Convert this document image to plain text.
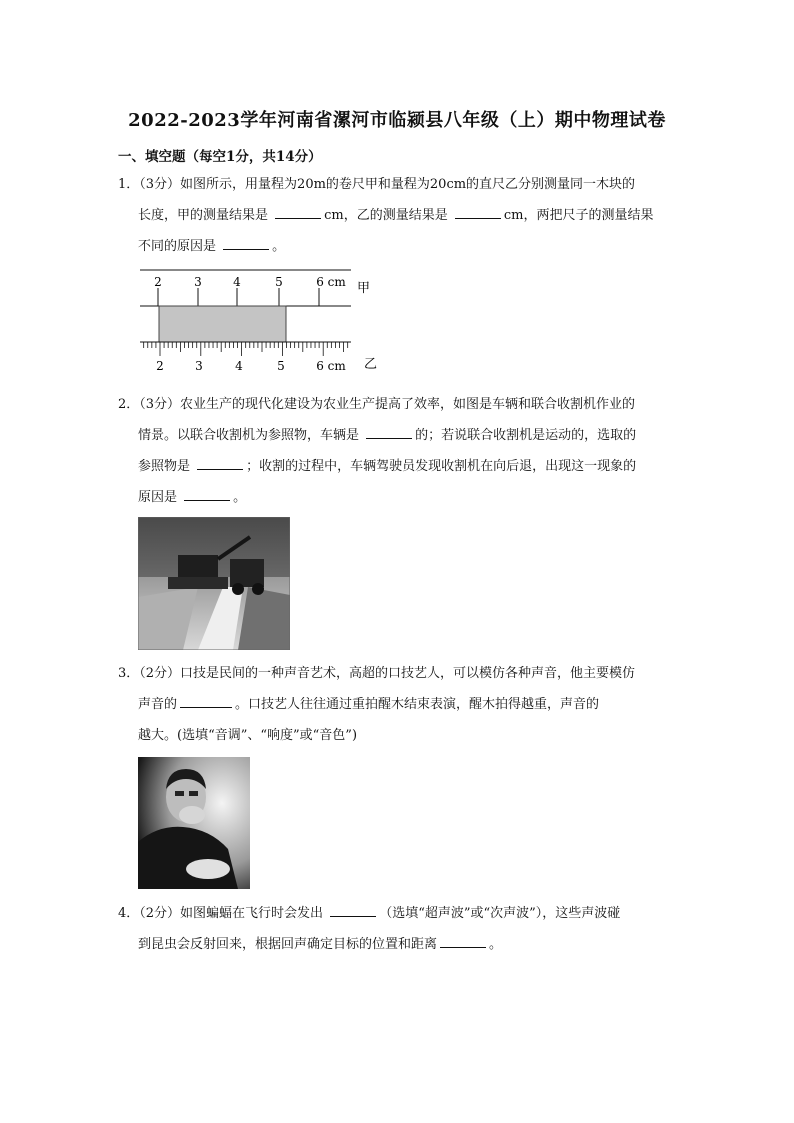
2022-2023学年河南省漯河市临颍县八年级（上）期中物理试卷
一、填空题（每空1分，共14分）
1．（3分）如图所示，用量程为20m的卷尺甲和量程为20cm的直尺乙分别测量同一木块的
长度，甲的测量结果是	cm，乙的测量结果是	cm，两把尺子的测量结果
不同的原因是	。
2	3	4	5	6 cm 甲
2	3	4	5	6 cm 乙
2．（3分）农业生产的现代化建设为农业生产提高了效率，如图是车辆和联合收割机作业的
情景。以联合收割机为参照物，车辆是	的；若说联合收割机是运动的，选取的
参照物是	；收割的过程中，车辆驾驶员发现收割机在向后退，出现这一现象的
原因是	。
3．（2分）口技是民间的一种声音艺术，高超的口技艺人，可以模仿各种声音，他主要模仿
声音的	。口技艺人往往通过重拍醒木结束表演，醒木拍得越重，声音的
越大。(选填“音调”、“响度”或“音色”)
4．（2分）如图蝙蝠在飞行时会发出	（选填“超声波”或“次声波”），这些声波碰
到昆虫会反射回来，根据回声确定目标的位置和距离	。
